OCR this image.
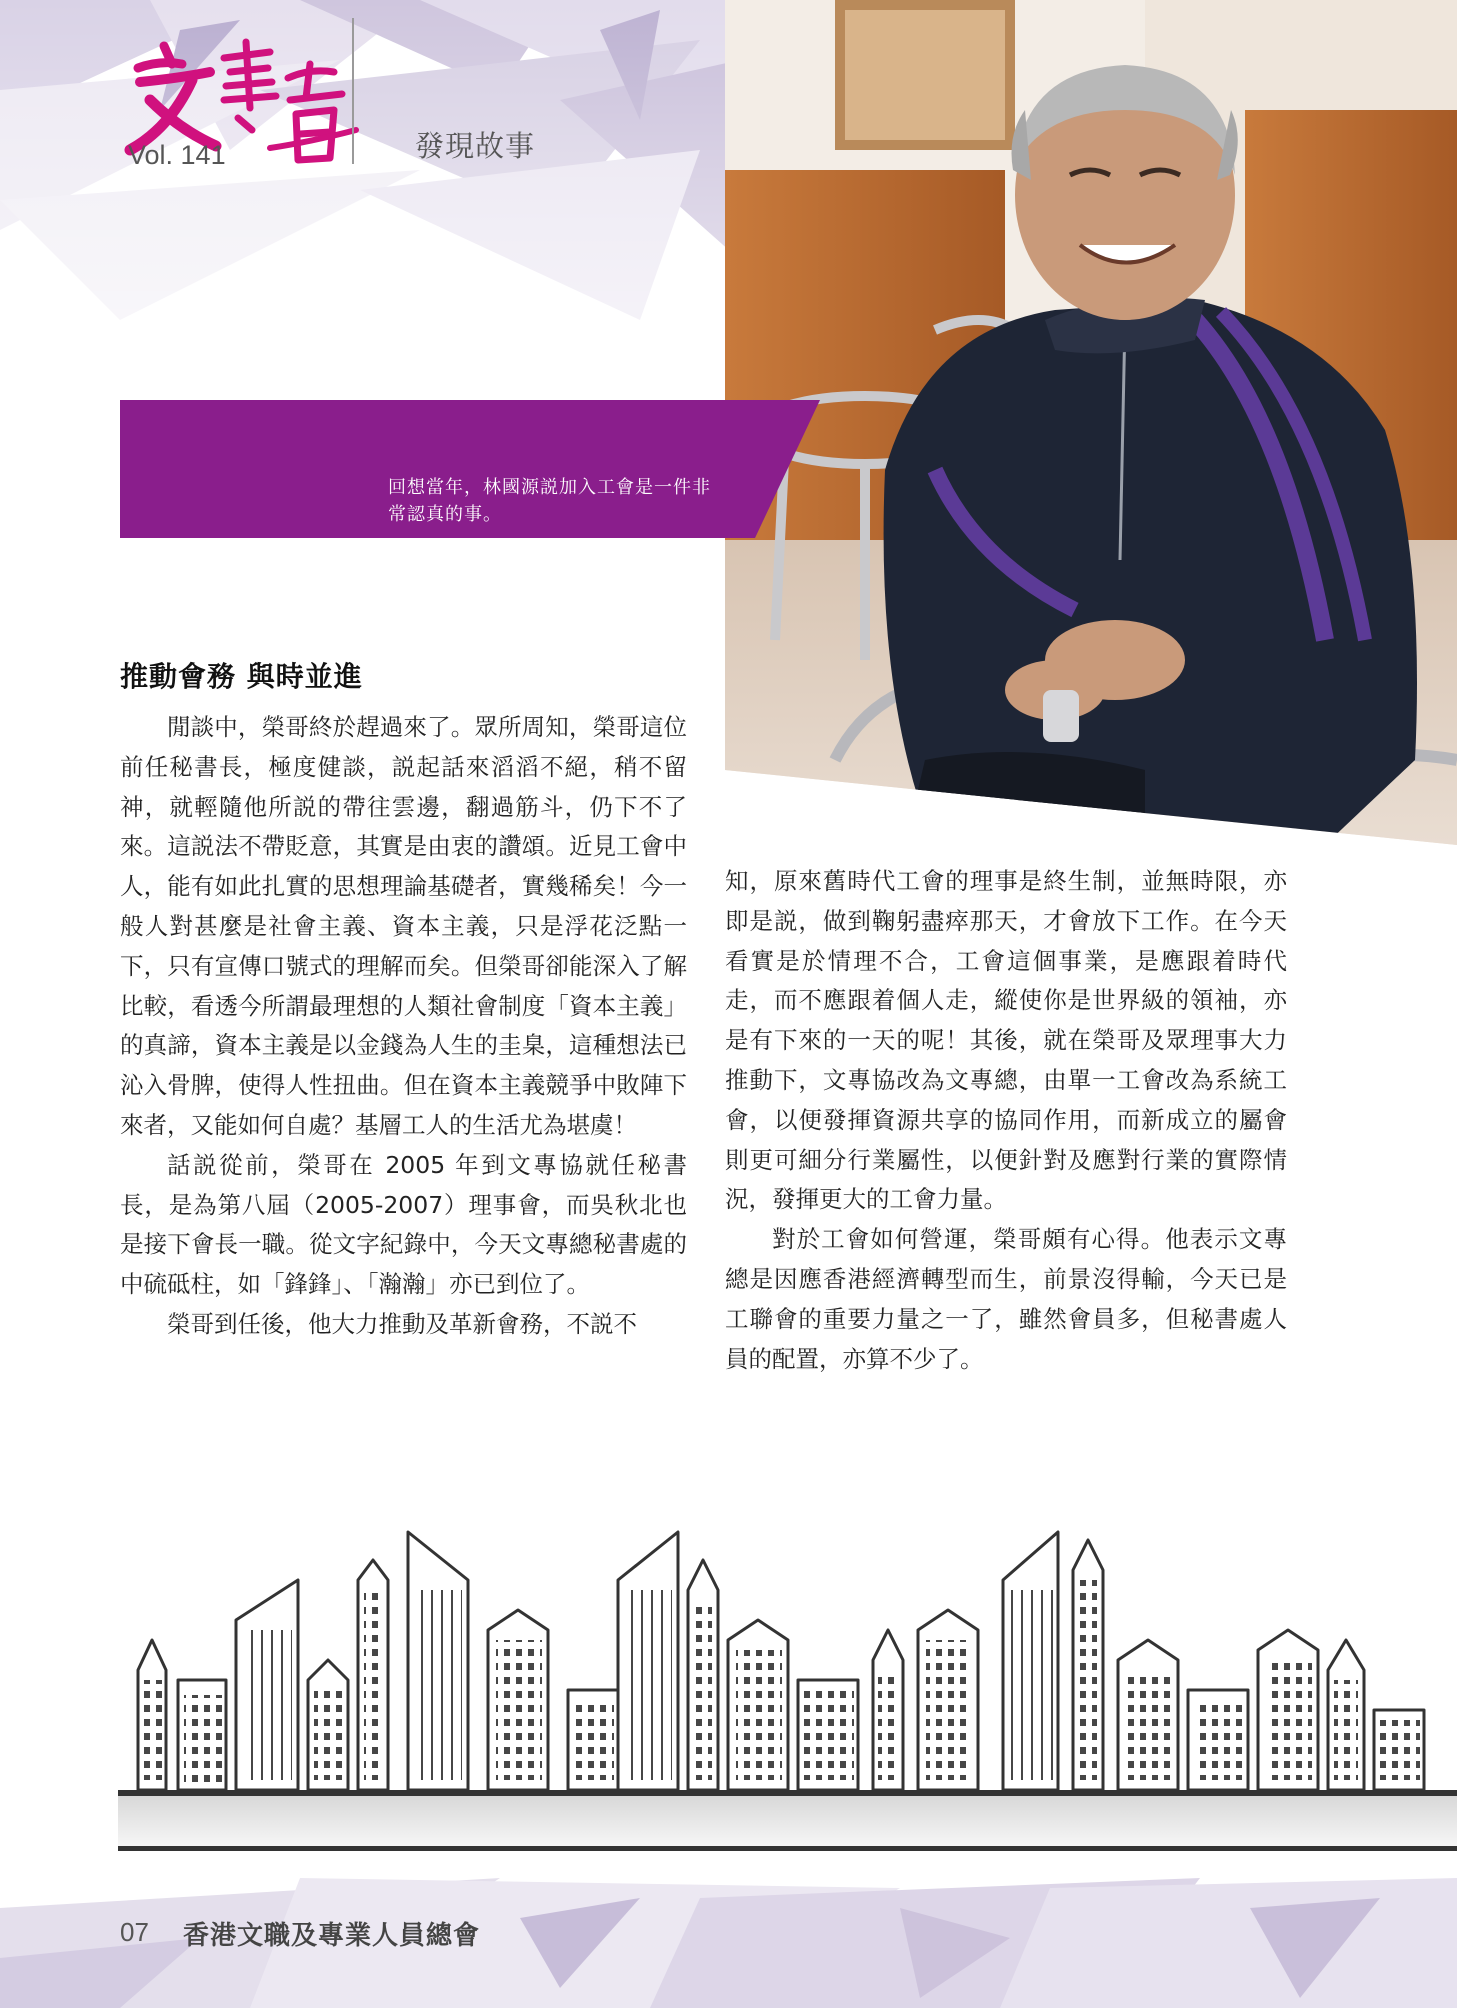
Vol. 141	發現故事
回想當年，林國源説加入工會是一件非常認真的事。
推動會務 與時並進

閒談中，榮哥終於趕過來了。眾所周知，榮哥這位前任秘書長，極度健談，説起話來滔滔不絕，稍不留神，就輕隨他所説的帶往雲邊，翻過筋斗，仍下不了來。這説法不帶貶意，其實是由衷的讚頌。近見工會中人，能有如此扎實的思想理論基礎者，實幾稀矣！今一般人對甚麼是社會主義、資本主義，只是浮花泛點一下，只有宣傳口號式的理解而矣。但榮哥卻能深入了解比較，看透今所謂最理想的人類社會制度「資本主義」的真諦，資本主義是以金錢為人生的圭臬，這種想法已沁入骨脾，使得人性扭曲。但在資本主義競爭中敗陣下來者，又能如何自處？基層工人的生活尤為堪虞！

話説從前，榮哥在 2005 年到文專協就任秘書長，是為第八屆（2005-2007）理事會，而吳秋北也是接下會長一職。從文字紀錄中，今天文專總秘書處的中硫砥柱，如「鋒鋒」、「瀚瀚」亦已到位了。

榮哥到任後，他大力推動及革新會務，不説不

知，原來舊時代工會的理事是終生制，並無時限，亦即是説，做到鞠躬盡瘁那天，才會放下工作。在今天看實是於情理不合，工會這個事業，是應跟着時代走，而不應跟着個人走，縱使你是世界級的領袖，亦是有下來的一天的呢！其後，就在榮哥及眾理事大力推動下，文專協改為文專總，由單一工會改為系統工會，以便發揮資源共享的協同作用，而新成立的屬會則更可細分行業屬性，以便針對及應對行業的實際情況，發揮更大的工會力量。

對於工會如何營運，榮哥頗有心得。他表示文專總是因應香港經濟轉型而生，前景沒得輸，今天已是工聯會的重要力量之一了，雖然會員多，但秘書處人員的配置，亦算不少了。

07 香港文職及專業人員總會
